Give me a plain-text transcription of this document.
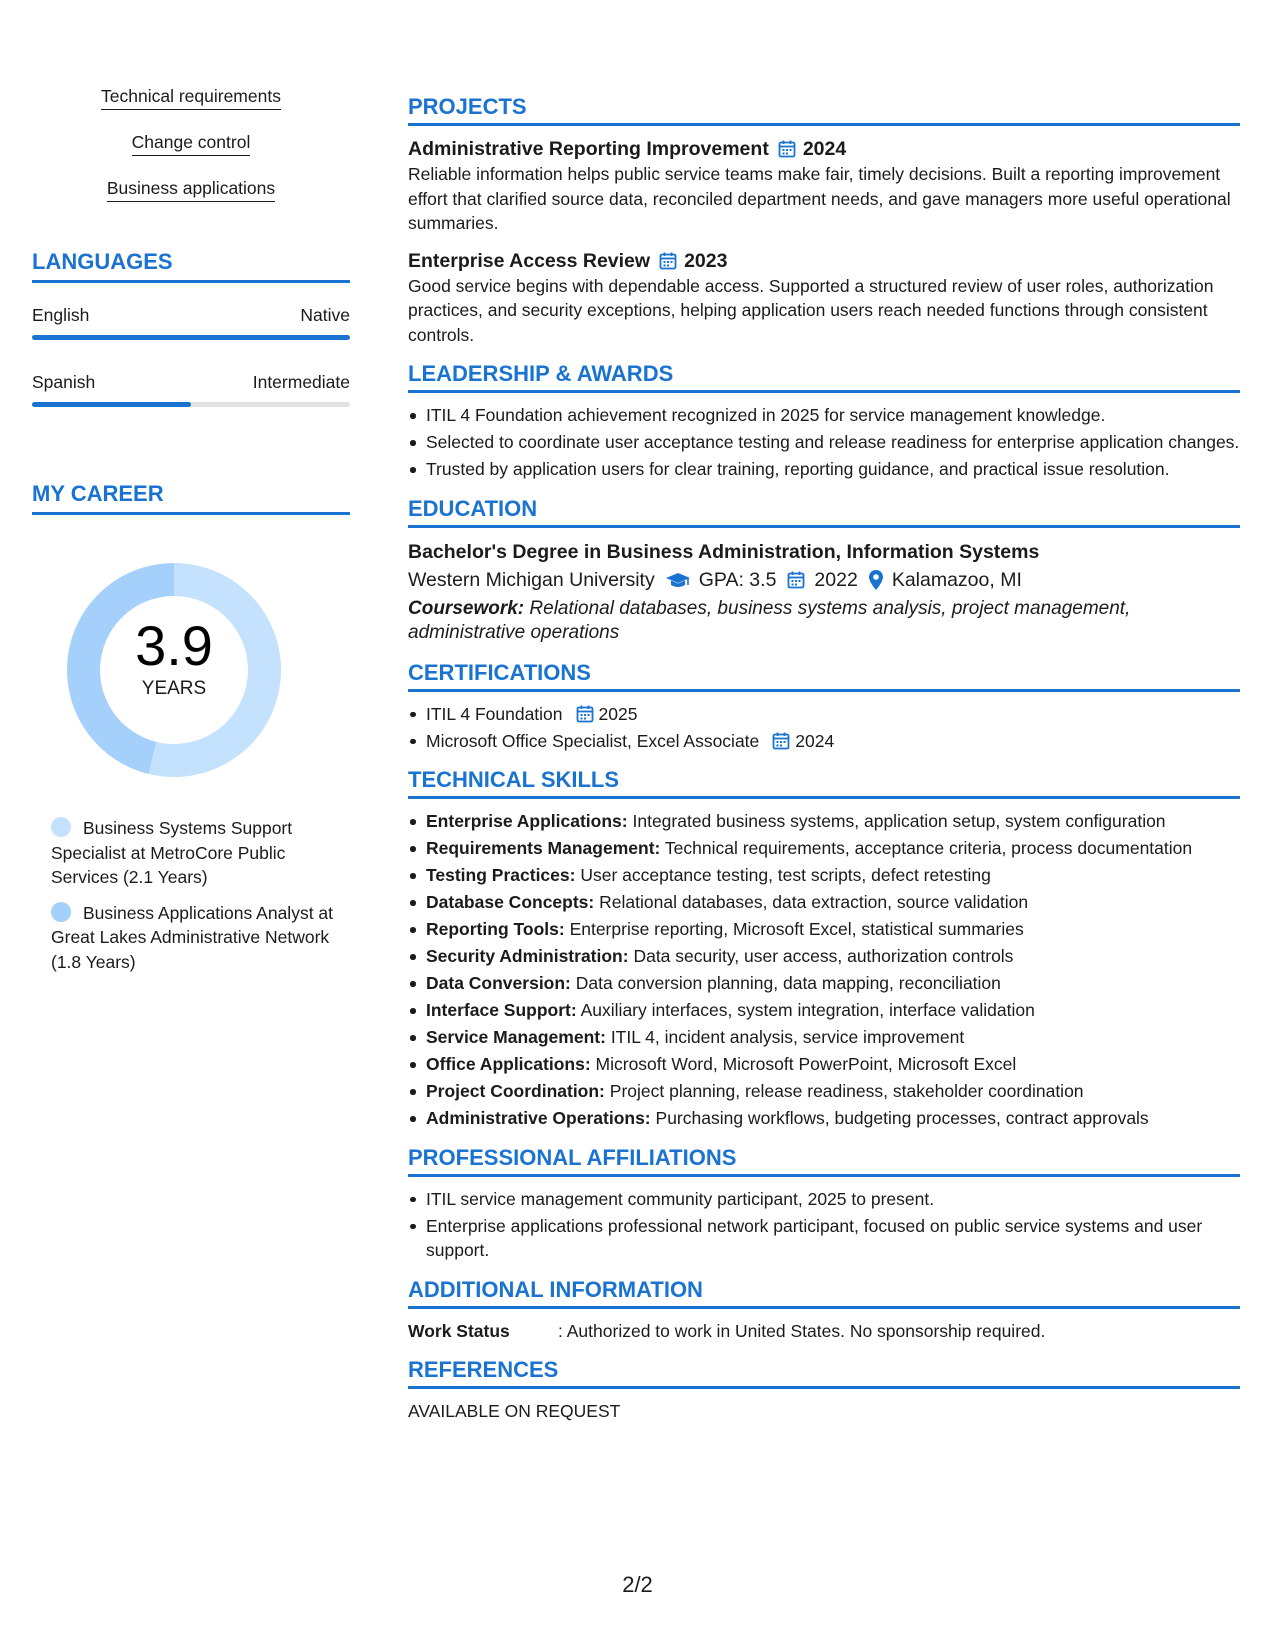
Technical requirements
Change control
Business applications
LANGUAGES
English	Native
Spanish	Intermediate
MY CAREER
3.9
YEARS
Business Systems Support Specialist at MetroCore Public Services (2.1 Years)
Business Applications Analyst at Great Lakes Administrative Network (1.8 Years)
PROJECTS
Administrative Reporting Improvement 2024
Reliable information helps public service teams make fair, timely decisions. Built a reporting improvement effort that clarified source data, reconciled department needs, and gave managers more useful operational summaries.
Enterprise Access Review 2023
Good service begins with dependable access. Supported a structured review of user roles, authorization practices, and security exceptions, helping application users reach needed functions through consistent controls.
LEADERSHIP & AWARDS
ITIL 4 Foundation achievement recognized in 2025 for service management knowledge.
Selected to coordinate user acceptance testing and release readiness for enterprise application changes.
Trusted by application users for clear training, reporting guidance, and practical issue resolution.
EDUCATION
Bachelor's Degree in Business Administration, Information Systems
Western Michigan University GPA: 3.5 2022 Kalamazoo, MI
Coursework: Relational databases, business systems analysis, project management, administrative operations
CERTIFICATIONS
ITIL 4 Foundation 2025
Microsoft Office Specialist, Excel Associate 2024
TECHNICAL SKILLS
Enterprise Applications: Integrated business systems, application setup, system configuration
Requirements Management: Technical requirements, acceptance criteria, process documentation
Testing Practices: User acceptance testing, test scripts, defect retesting
Database Concepts: Relational databases, data extraction, source validation
Reporting Tools: Enterprise reporting, Microsoft Excel, statistical summaries
Security Administration: Data security, user access, authorization controls
Data Conversion: Data conversion planning, data mapping, reconciliation
Interface Support: Auxiliary interfaces, system integration, interface validation
Service Management: ITIL 4, incident analysis, service improvement
Office Applications: Microsoft Word, Microsoft PowerPoint, Microsoft Excel
Project Coordination: Project planning, release readiness, stakeholder coordination
Administrative Operations: Purchasing workflows, budgeting processes, contract approvals
PROFESSIONAL AFFILIATIONS
ITIL service management community participant, 2025 to present.
Enterprise applications professional network participant, focused on public service systems and user support.
ADDITIONAL INFORMATION
Work Status	: Authorized to work in United States. No sponsorship required.
REFERENCES
AVAILABLE ON REQUEST
2/2
